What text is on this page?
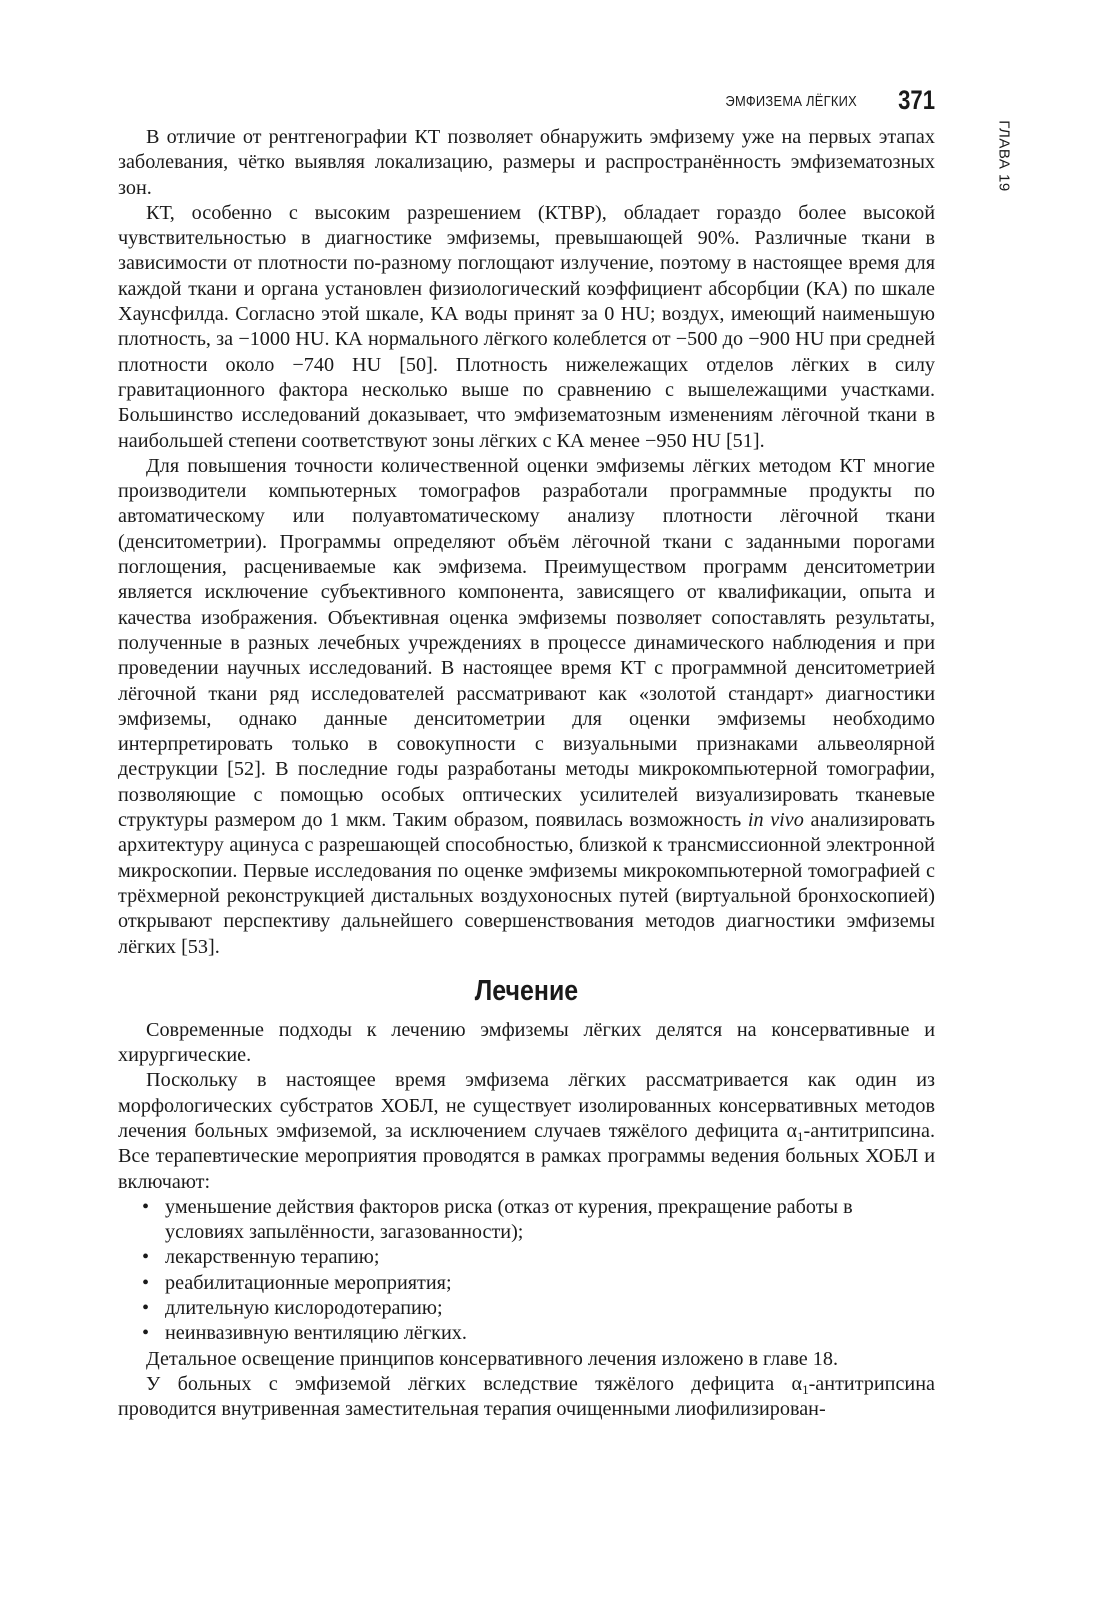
ЭМФИЗЕМА ЛЁГКИХ 371
ГЛАВА 19

В отличие от рентгенографии КТ позволяет обнаружить эмфизему уже на первых этапах заболевания, чётко выявляя локализацию, размеры и распространённость эмфизематозных зон.

КТ, особенно с высоким разрешением (КТВР), обладает гораздо более высокой чувствительностью в диагностике эмфиземы, превышающей 90%. Различные ткани в зависимости от плотности по-разному поглощают излучение, поэтому в настоящее время для каждой ткани и органа установлен физиологический коэффициент абсорбции (КА) по шкале Хаунсфилда. Согласно этой шкале, КА воды принят за 0 HU; воздух, имеющий наименьшую плотность, за −1000 HU. КА нормального лёгкого колеблется от −500 до −900 HU при средней плотности около −740 HU [50]. Плотность нижележащих отделов лёгких в силу гравитационного фактора несколько выше по сравнению с вышележащими участками. Большинство исследований доказывает, что эмфизематозным изменениям лёгочной ткани в наибольшей степени соответствуют зоны лёгких с КА менее −950 HU [51].

Для повышения точности количественной оценки эмфиземы лёгких методом КТ многие производители компьютерных томографов разработали программные продукты по автоматическому или полуавтоматическому анализу плотности лёгочной ткани (денситометрии). Программы определяют объём лёгочной ткани с заданными порогами поглощения, расцениваемые как эмфизема. Преимуществом программ денситометрии является исключение субъективного компонента, зависящего от квалификации, опыта и качества изображения. Объективная оценка эмфиземы позволяет сопоставлять результаты, полученные в разных лечебных учреждениях в процессе динамического наблюдения и при проведении научных исследований. В настоящее время КТ с программной денситометрией лёгочной ткани ряд исследователей рассматривают как «золотой стандарт» диагностики эмфиземы, однако данные денситометрии для оценки эмфиземы необходимо интерпретировать только в совокупности с визуальными признаками альвеолярной деструкции [52]. В последние годы разработаны методы микрокомпьютерной томографии, позволяющие с помощью особых оптических усилителей визуализировать тканевые структуры размером до 1 мкм. Таким образом, появилась возможность in vivo анализировать архитектуру ацинуса с разрешающей способностью, близкой к трансмиссионной электронной микроскопии. Первые исследования по оценке эмфиземы микрокомпьютерной томографией с трёхмерной реконструкцией дистальных воздухоносных путей (виртуальной бронхоскопией) открывают перспективу дальнейшего совершенствования методов диагностики эмфиземы лёгких [53].

Лечение

Современные подходы к лечению эмфиземы лёгких делятся на консервативные и хирургические.

Поскольку в настоящее время эмфизема лёгких рассматривается как один из морфологических субстратов ХОБЛ, не существует изолированных консервативных методов лечения больных эмфиземой, за исключением случаев тяжёлого дефицита $\alpha_1$-антитрипсина. Все терапевтические мероприятия проводятся в рамках программы ведения больных ХОБЛ и включают:

• уменьшение действия факторов риска (отказ от курения, прекращение работы в условиях запылённости, загазованности);
• лекарственную терапию;
• реабилитационные мероприятия;
• длительную кислородотерапию;
• неинвазивную вентиляцию лёгких.

Детальное освещение принципов консервативного лечения изложено в главе 18.

У больных с эмфиземой лёгких вследствие тяжёлого дефицита $\alpha_1$-антитрипсина проводится внутривенная заместительная терапия очищенными лиофилизирован-
